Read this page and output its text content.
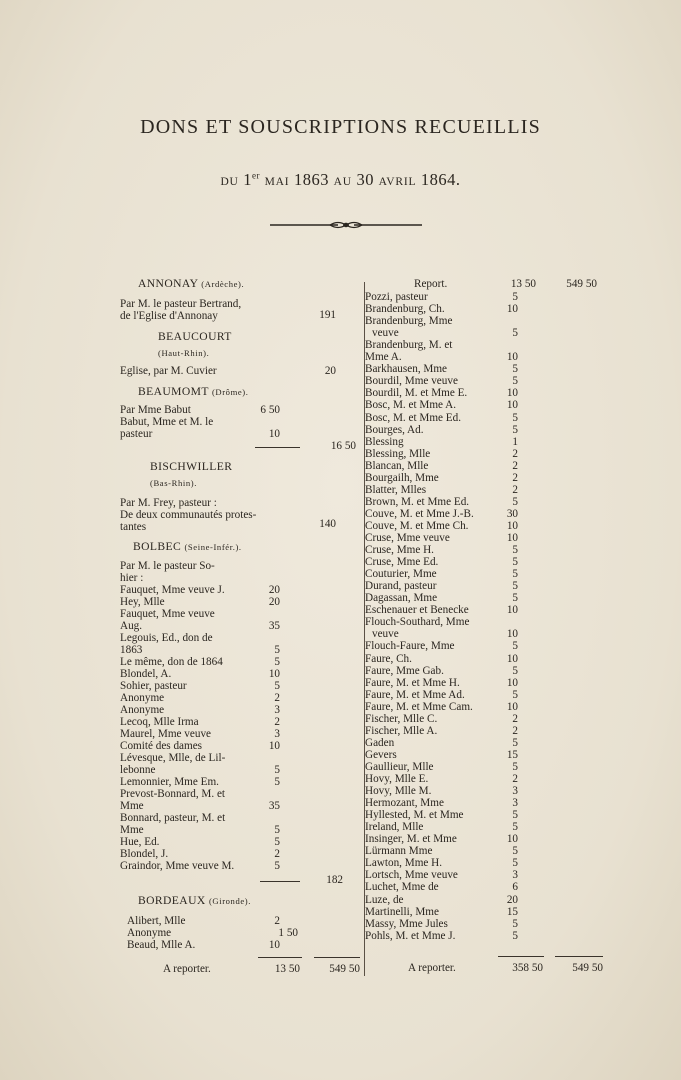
DONS ET SOUSCRIPTIONS RECUEILLIS
DU 1er MAI 1863 AU 30 AVRIL 1864.
ANNONAY (Ardèche).
Par M. le pasteur Bertrand,
de l'Eglise d'Annonay	191
BEAUCOURT
(Haut-Rhin).
Eglise, par M. Cuvier	20
BEAUMOMT (Drôme).
Par Mme Babut	6 50
Babut, Mme et M. le
pasteur	10
16 50
BISCHWILLER
(Bas-Rhin).
Par M. Frey, pasteur :
De deux communautés protes-
tantes	140
BOLBEC (Seine-Infér.).
Par M. le pasteur So-
hier :
Fauquet, Mme veuve J.	20
Hey, Mlle	20
Fauquet, Mme veuve
Aug.	35
Legouis, Ed., don de
1863	5
Le même, don de 1864	5
Blondel, A.	10
Sohier, pasteur	5
Anonyme	2
Anonyme	3
Lecoq, Mlle Irma	2
Maurel, Mme veuve	3
Comité des dames	10
Lévesque, Mlle, de Lil-
lebonne	5
Lemonnier, Mme Em.	5
Prevost-Bonnard, M. et
Mme	35
Bonnard, pasteur, M. et
Mme	5
Hue, Ed.	5
Blondel, J.	2
Graindor, Mme veuve M.	5
182
BORDEAUX (Gironde).
Alibert, Mlle	2
Anonyme	1 50
Beaud, Mlle A.	10
A reporter.	13 50	549 50
Report.	13 50	549 50
Pozzi, pasteur	5
Brandenburg, Ch.	10
Brandenburg, Mme
veuve	5
Brandenburg, M. et
Mme A.	10
Barkhausen, Mme	5
Bourdil, Mme veuve	5
Bourdil, M. et Mme E.	10
Bosc, M. et Mme A.	10
Bosc, M. et Mme Ed.	5
Bourges, Ad.	5
Blessing	1
Blessing, Mlle	2
Blancan, Mlle	2
Bourgailh, Mme	2
Blatter, Mlles	2
Brown, M. et Mme Ed.	5
Couve, M. et Mme J.-B.	30
Couve, M. et Mme Ch.	10
Cruse, Mme veuve	10
Cruse, Mme H.	5
Cruse, Mme Ed.	5
Couturier, Mme	5
Durand, pasteur	5
Dagassan, Mme	5
Eschenauer et Benecke	10
Flouch-Southard, Mme
veuve	10
Flouch-Faure, Mme	5
Faure, Ch.	10
Faure, Mme Gab.	5
Faure, M. et Mme H.	10
Faure, M. et Mme Ad.	5
Faure, M. et Mme Cam.	10
Fischer, Mlle C.	2
Fischer, Mlle A.	2
Gaden	5
Gevers	15
Gaullieur, Mlle	5
Hovy, Mlle E.	2
Hovy, Mlle M.	3
Hermozant, Mme	3
Hyllested, M. et Mme	5
Ireland, Mlle	5
Insinger, M. et Mme	10
Lürmann Mme	5
Lawton, Mme H.	5
Lortsch, Mme veuve	3
Luchet, Mme de	6
Luze, de	20
Martinelli, Mme	15
Massy, Mme Jules	5
Pohls, M. et Mme J.	5
A reporter.	358 50	549 50
